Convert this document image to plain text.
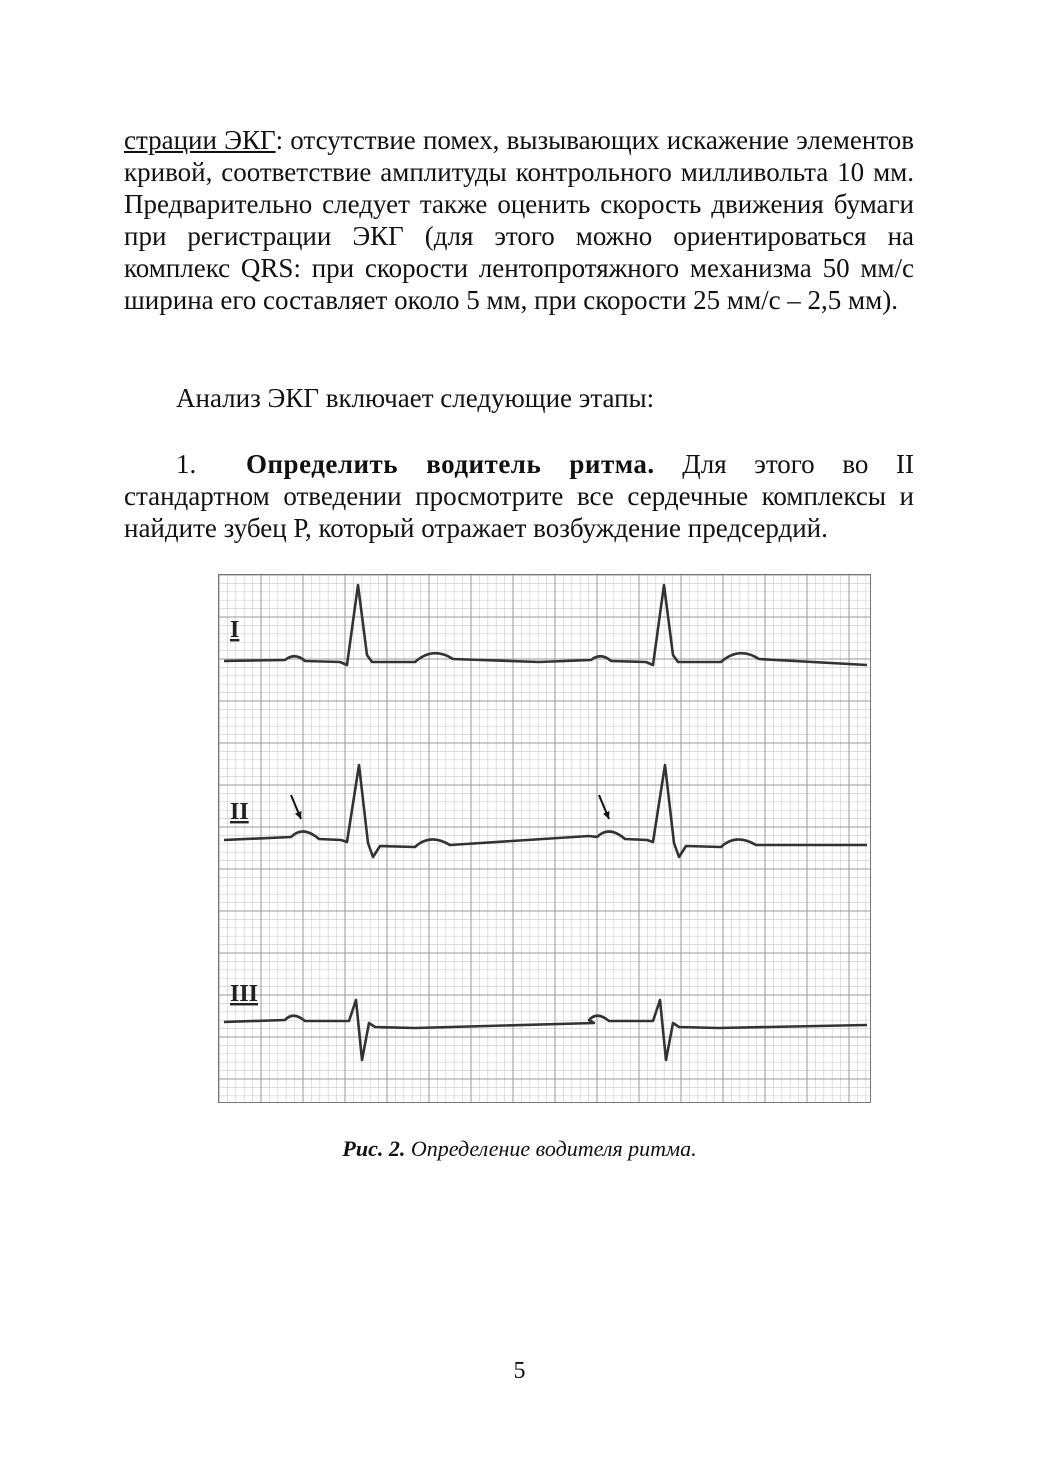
страции ЭКГ: отсутствие помех, вызывающих искажение элементов кривой, соответствие амплитуды контрольного милливольта 10 мм. Предварительно следует также оценить скорость движения бумаги при регистрации ЭКГ (для этого можно ориентироваться на комплекс QRS: при скорости лентопротяжного механизма 50 мм/с ширина его составляет около 5 мм, при скорости 25 мм/с – 2,5 мм).

Анализ ЭКГ включает следующие этапы:

1. Определить водитель ритма. Для этого во II стандартном отведении просмотрите все сердечные комплексы и найдите зубец Р, который отражает возбуждение предсердий.

I
II
III
Рис. 2. Определение водителя ритма.
5
